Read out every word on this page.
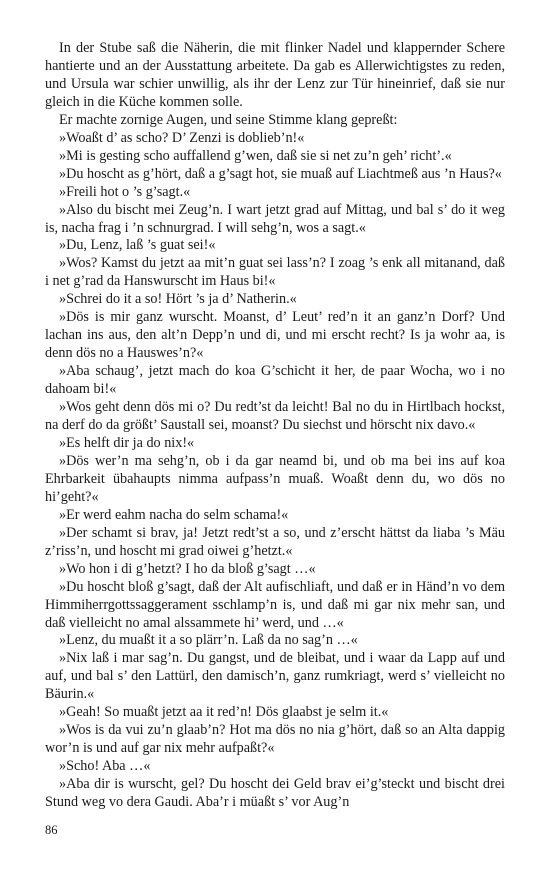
In der Stube saß die Näherin, die mit flinker Nadel und klappernder Schere hantierte und an der Ausstattung arbeitete. Da gab es Allerwichtigstes zu reden, und Ursula war schier unwillig, als ihr der Lenz zur Tür hineinrief, daß sie nur gleich in die Küche kommen solle.

Er machte zornige Augen, und seine Stimme klang gepreßt:

»Woaßt d’ as scho? D’ Zenzi is doblieb’n!«

»Mi is gesting scho auffallend g’wen, daß sie si net zu’n geh’ richt’.«

»Du hoscht as g’hört, daß a g’sagt hot, sie muaß auf Liachtmeß aus ’n Haus?«

»Freili hot o ’s g’sagt.«

»Also du bischt mei Zeug’n. I wart jetzt grad auf Mittag, und bal s’ do it weg is, nacha frag i ’n schnurgrad. I will sehg’n, wos a sagt.«

»Du, Lenz, laß ’s guat sei!«

»Wos? Kamst du jetzt aa mit’n guat sei lass’n? I zoag ’s enk all mitanand, daß i net g’rad da Hanswurscht im Haus bi!«

»Schrei do it a so! Hört ’s ja d’ Natherin.«

»Dös is mir ganz wurscht. Moanst, d’ Leut’ red’n it an ganz’n Dorf? Und lachan ins aus, den alt’n Depp’n und di, und mi erscht recht? Is ja wohr aa, is denn dös no a Hauswes’n?«

»Aba schaug’, jetzt mach do koa G’schicht it her, de paar Wocha, wo i no dahoam bi!«

»Wos geht denn dös mi o? Du redt’st da leicht! Bal no du in Hirtlbach hockst, na derf do da größt’ Saustall sei, moanst? Du siechst und hörscht nix davo.«

»Es helft dir ja do nix!«

»Dös wer’n ma sehg’n, ob i da gar neamd bi, und ob ma bei ins auf koa Ehrbarkeit übahaupts nimma aufpass’n muaß. Woaßt denn du, wo dös no hi’geht?«

»Er werd eahm nacha do selm schama!«

»Der schamt si brav, ja! Jetzt redt’st a so, und z’erscht hättst da liaba ’s Mäu z’riss’n, und hoscht mi grad oiwei g’hetzt.«

»Wo hon i di g’hetzt? I ho da bloß g’sagt …«

»Du hoscht bloß g’sagt, daß der Alt aufischliaft, und daß er in Händ’n vo dem Himmiherrgottssaggerament sschlamp’n is, und daß mi gar nix mehr san, und daß vielleicht no amal alssammete hi’ werd, und …«

»Lenz, du muaßt it a so plärr’n. Laß da no sag’n …«

»Nix laß i mar sag’n. Du gangst, und de bleibat, und i waar da Lapp auf und auf, und bal s’ den Lattürl, den damisch’n, ganz rumkriagt, werd s’ vielleicht no Bäurin.«

»Geah! So muaßt jetzt aa it red’n! Dös glaabst je selm it.«

»Wos is da vui zu’n glaab’n? Hot ma dös no nia g’hört, daß so an Alta dappig wor’n is und auf gar nix mehr aufpaßt?«

»Scho! Aba …«

»Aba dir is wurscht, gel? Du hoscht dei Geld brav ei’g’steckt und bischt drei Stund weg vo dera Gaudi. Aba’r i müaßt s’ vor Aug’n

86
